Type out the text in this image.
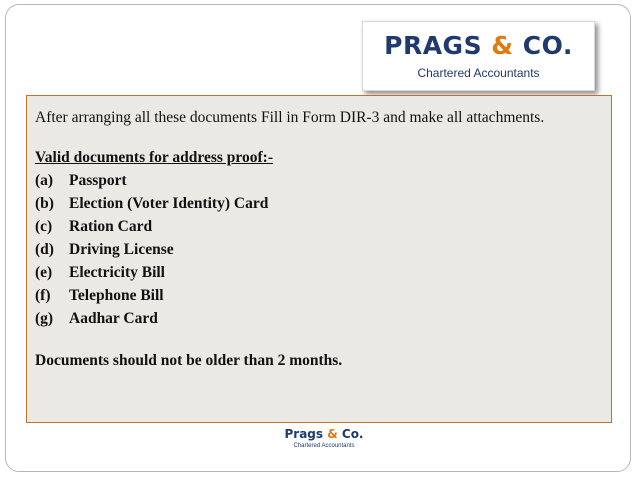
PRAGS & CO.
Chartered Accountants

After arranging all these documents Fill in Form DIR-3 and make all attachments.

Valid documents for address proof:-

(a) Passport
(b) Election (Voter Identity) Card
(c) Ration Card
(d) Driving License
(e) Electricity Bill
(f) Telephone Bill
(g) Aadhar Card

Documents should not be older than 2 months.

Prags & Co.
Chartered Accountants
